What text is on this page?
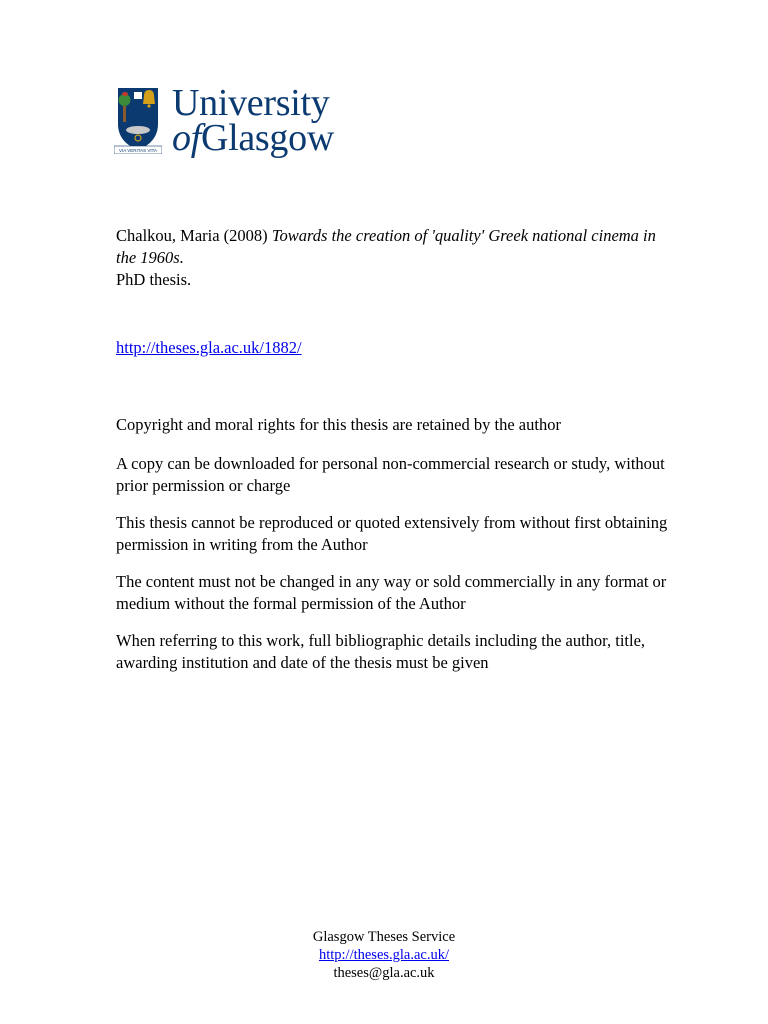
VIA VERITAS VITA
University
ofGlasgow
Chalkou, Maria (2008) Towards the creation of 'quality' Greek national cinema in the 1960s.
PhD thesis.
http://theses.gla.ac.uk/1882/
Copyright and moral rights for this thesis are retained by the author
A copy can be downloaded for personal non-commercial research or study, without prior permission or charge
This thesis cannot be reproduced or quoted extensively from without first obtaining permission in writing from the Author
The content must not be changed in any way or sold commercially in any format or medium without the formal permission of the Author
When referring to this work, full bibliographic details including the author, title, awarding institution and date of the thesis must be given
Glasgow Theses Service
http://theses.gla.ac.uk/
theses@gla.ac.uk
